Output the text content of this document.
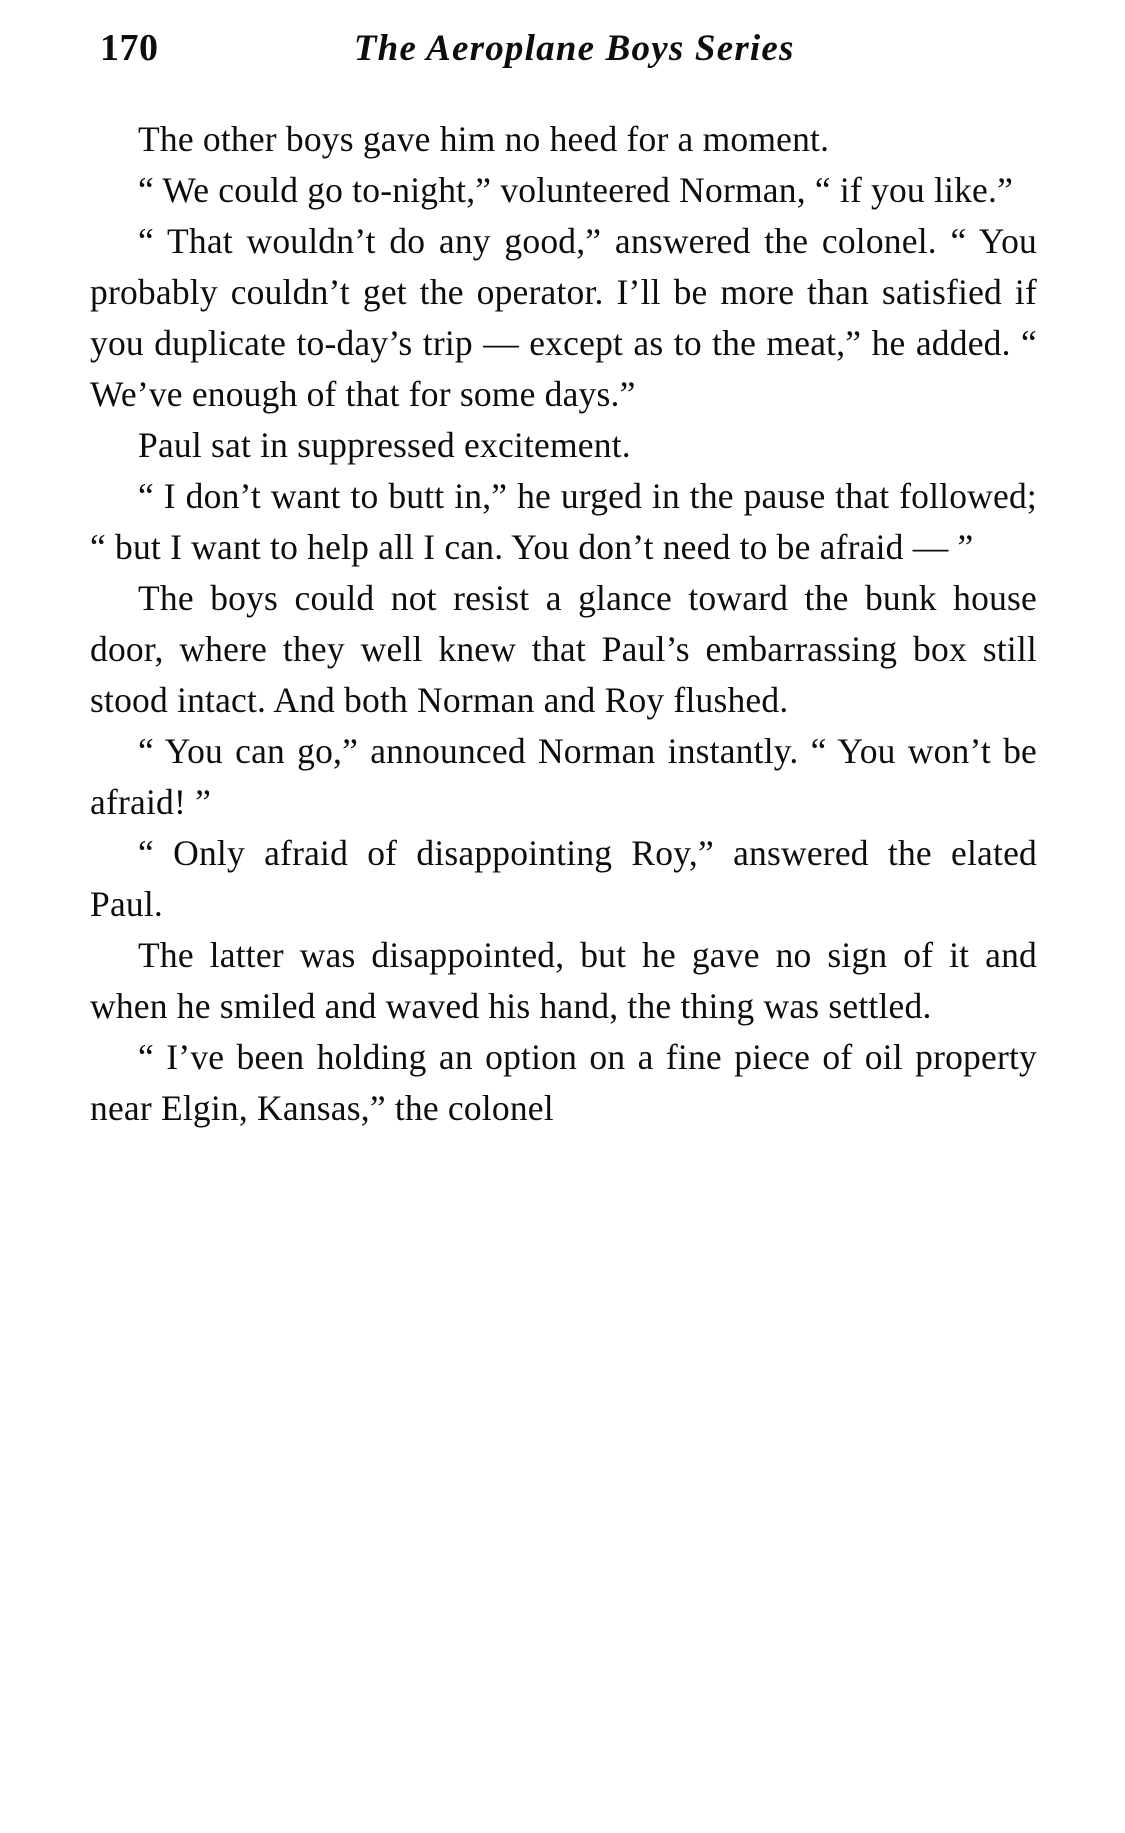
170	The Aeroplane Boys Series

The other boys gave him no heed for a moment.

“ We could go to-night,” volunteered Norman, “ if you like.”

“ That wouldn’t do any good,” answered the colonel. “ You probably couldn’t get the operator. I’ll be more than satisfied if you duplicate to-day’s trip — except as to the meat,” he added. “ We’ve enough of that for some days.”

Paul sat in suppressed excitement.

“ I don’t want to butt in,” he urged in the pause that followed; “ but I want to help all I can. You don’t need to be afraid — ”

The boys could not resist a glance toward the bunk house door, where they well knew that Paul’s embarrassing box still stood intact. And both Norman and Roy flushed.

“ You can go,” announced Norman instantly. “ You won’t be afraid! ”

“ Only afraid of disappointing Roy,” answered the elated Paul.

The latter was disappointed, but he gave no sign of it and when he smiled and waved his hand, the thing was settled.

“ I’ve been holding an option on a fine piece of oil property near Elgin, Kansas,” the colonel
